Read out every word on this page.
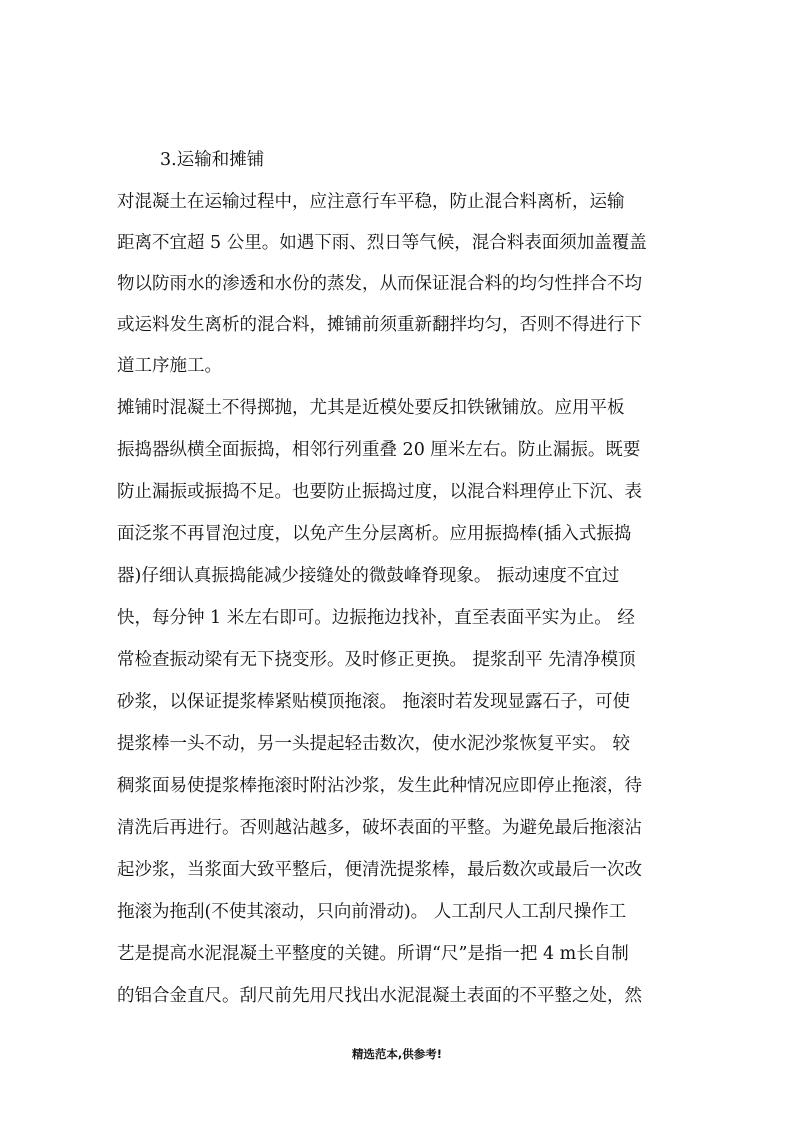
3.运输和摊铺
对混凝土在运输过程中，应注意行车平稳，防止混合料离析，运输
距离不宜超 5 公里。如遇下雨、烈日等气候，混合料表面须加盖覆盖
物以防雨水的渗透和水份的蒸发，从而保证混合料的均匀性拌合不均
或运料发生离析的混合料，摊铺前须重新翻拌均匀，否则不得进行下
道工序施工。
摊铺时混凝土不得掷抛，尤其是近模处要反扣铁锹铺放。应用平板
振捣器纵横全面振捣，相邻行列重叠 20 厘米左右。防止漏振。既要
防止漏振或振捣不足。也要防止振捣过度，以混合料理停止下沉、表
面泛浆不再冒泡过度，以免产生分层离析。应用振捣棒(插入式振捣
器)仔细认真振捣能减少接缝处的微鼓峰脊现象。 振动速度不宜过
快，每分钟 1 米左右即可。边振拖边找补，直至表面平实为止。 经
常检查振动梁有无下挠变形。及时修正更换。 提浆刮平 先清净模顶
砂浆，以保证提浆棒紧贴模顶拖滚。 拖滚时若发现显露石子，可使
提浆棒一头不动，另一头提起轻击数次，使水泥沙浆恢复平实。 较
稠浆面易使提浆棒拖滚时附沾沙浆，发生此种情况应即停止拖滚，待
清洗后再进行。否则越沾越多，破坏表面的平整。为避免最后拖滚沾
起沙浆，当浆面大致平整后，便清洗提浆棒，最后数次或最后一次改
拖滚为拖刮(不使其滚动，只向前滑动)。 人工刮尺人工刮尺操作工
艺是提高水泥混凝土平整度的关键。所谓“尺”是指一把 4 m长自制
的铝合金直尺。刮尺前先用尺找出水泥混凝土表面的不平整之处，然
精选范本,供参考!
